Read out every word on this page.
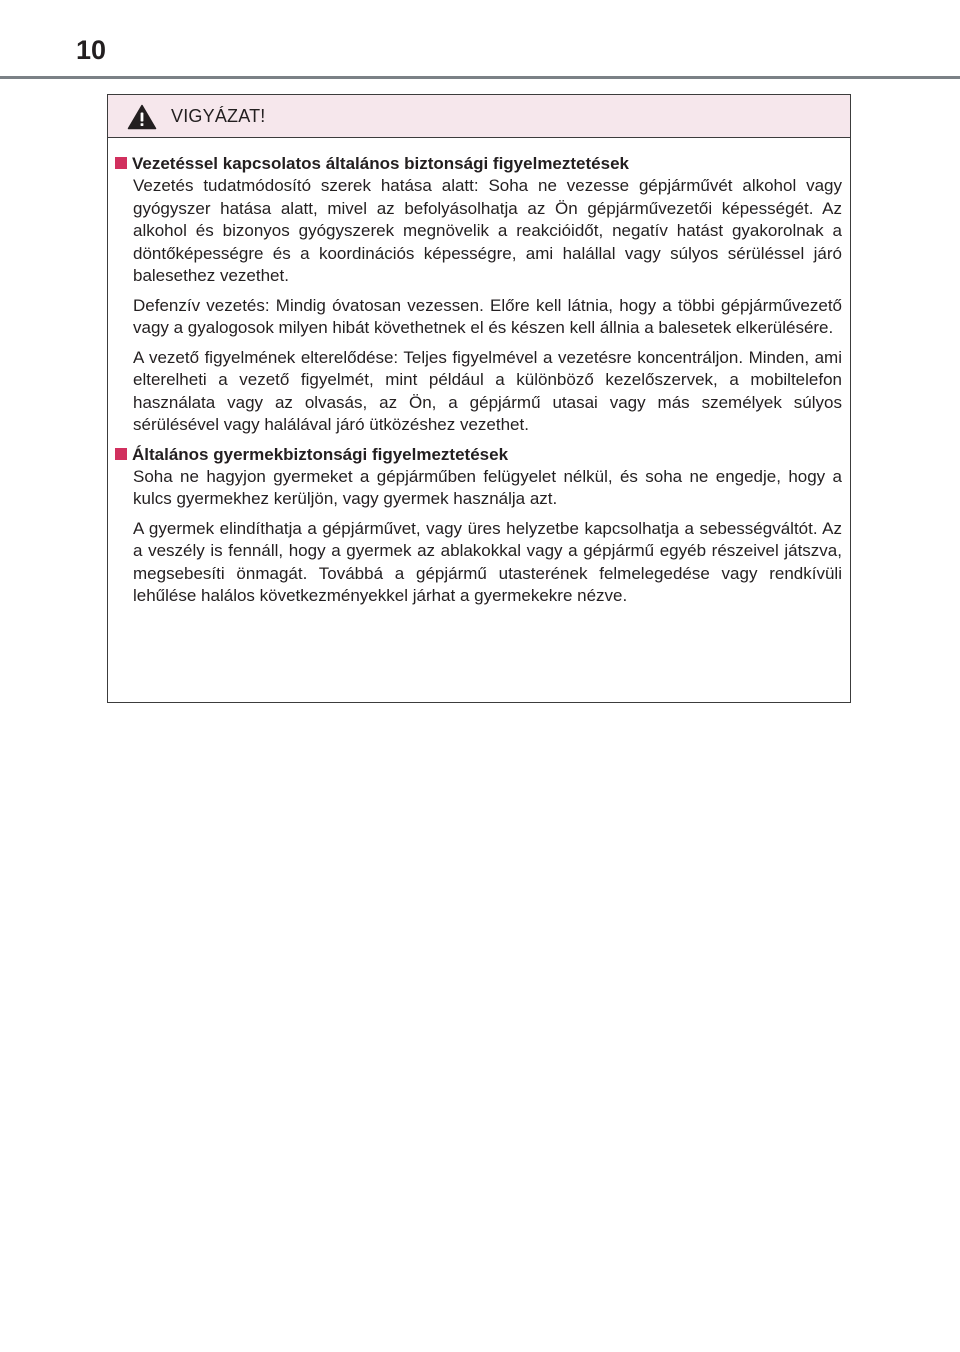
10
VIGYÁZAT!
Vezetéssel kapcsolatos általános biztonsági figyelmeztetések

Vezetés tudatmódosító szerek hatása alatt: Soha ne vezesse gépjárművét alkohol vagy gyógyszer hatása alatt, mivel az befolyásolhatja az Ön gépjárművezetői képességét. Az alkohol és bizonyos gyógyszerek megnövelik a reakcióidőt, negatív hatást gyakorolnak a döntőképességre és a koordinációs képességre, ami halállal vagy súlyos sérüléssel járó balesethez vezethet.

Defenzív vezetés: Mindig óvatosan vezessen. Előre kell látnia, hogy a többi gépjárművezető vagy a gyalogosok milyen hibát követhetnek el és készen kell állnia a balesetek elkerülésére.

A vezető figyelmének elterelődése: Teljes figyelmével a vezetésre koncentráljon. Minden, ami elterelheti a vezető figyelmét, mint például a különböző kezelőszervek, a mobiltelefon használata vagy az olvasás, az Ön, a gépjármű utasai vagy más személyek súlyos sérülésével vagy halálával járó ütközéshez vezethet.

Általános gyermekbiztonsági figyelmeztetések

Soha ne hagyjon gyermeket a gépjárműben felügyelet nélkül, és soha ne engedje, hogy a kulcs gyermekhez kerüljön, vagy gyermek használja azt.

A gyermek elindíthatja a gépjárművet, vagy üres helyzetbe kapcsolhatja a sebességváltót. Az a veszély is fennáll, hogy a gyermek az ablakokkal vagy a gépjármű egyéb részeivel játszva, megsebesíti önmagát. Továbbá a gépjármű utasterének felmelegedése vagy rendkívüli lehűlése halálos következményekkel járhat a gyermekekre nézve.
